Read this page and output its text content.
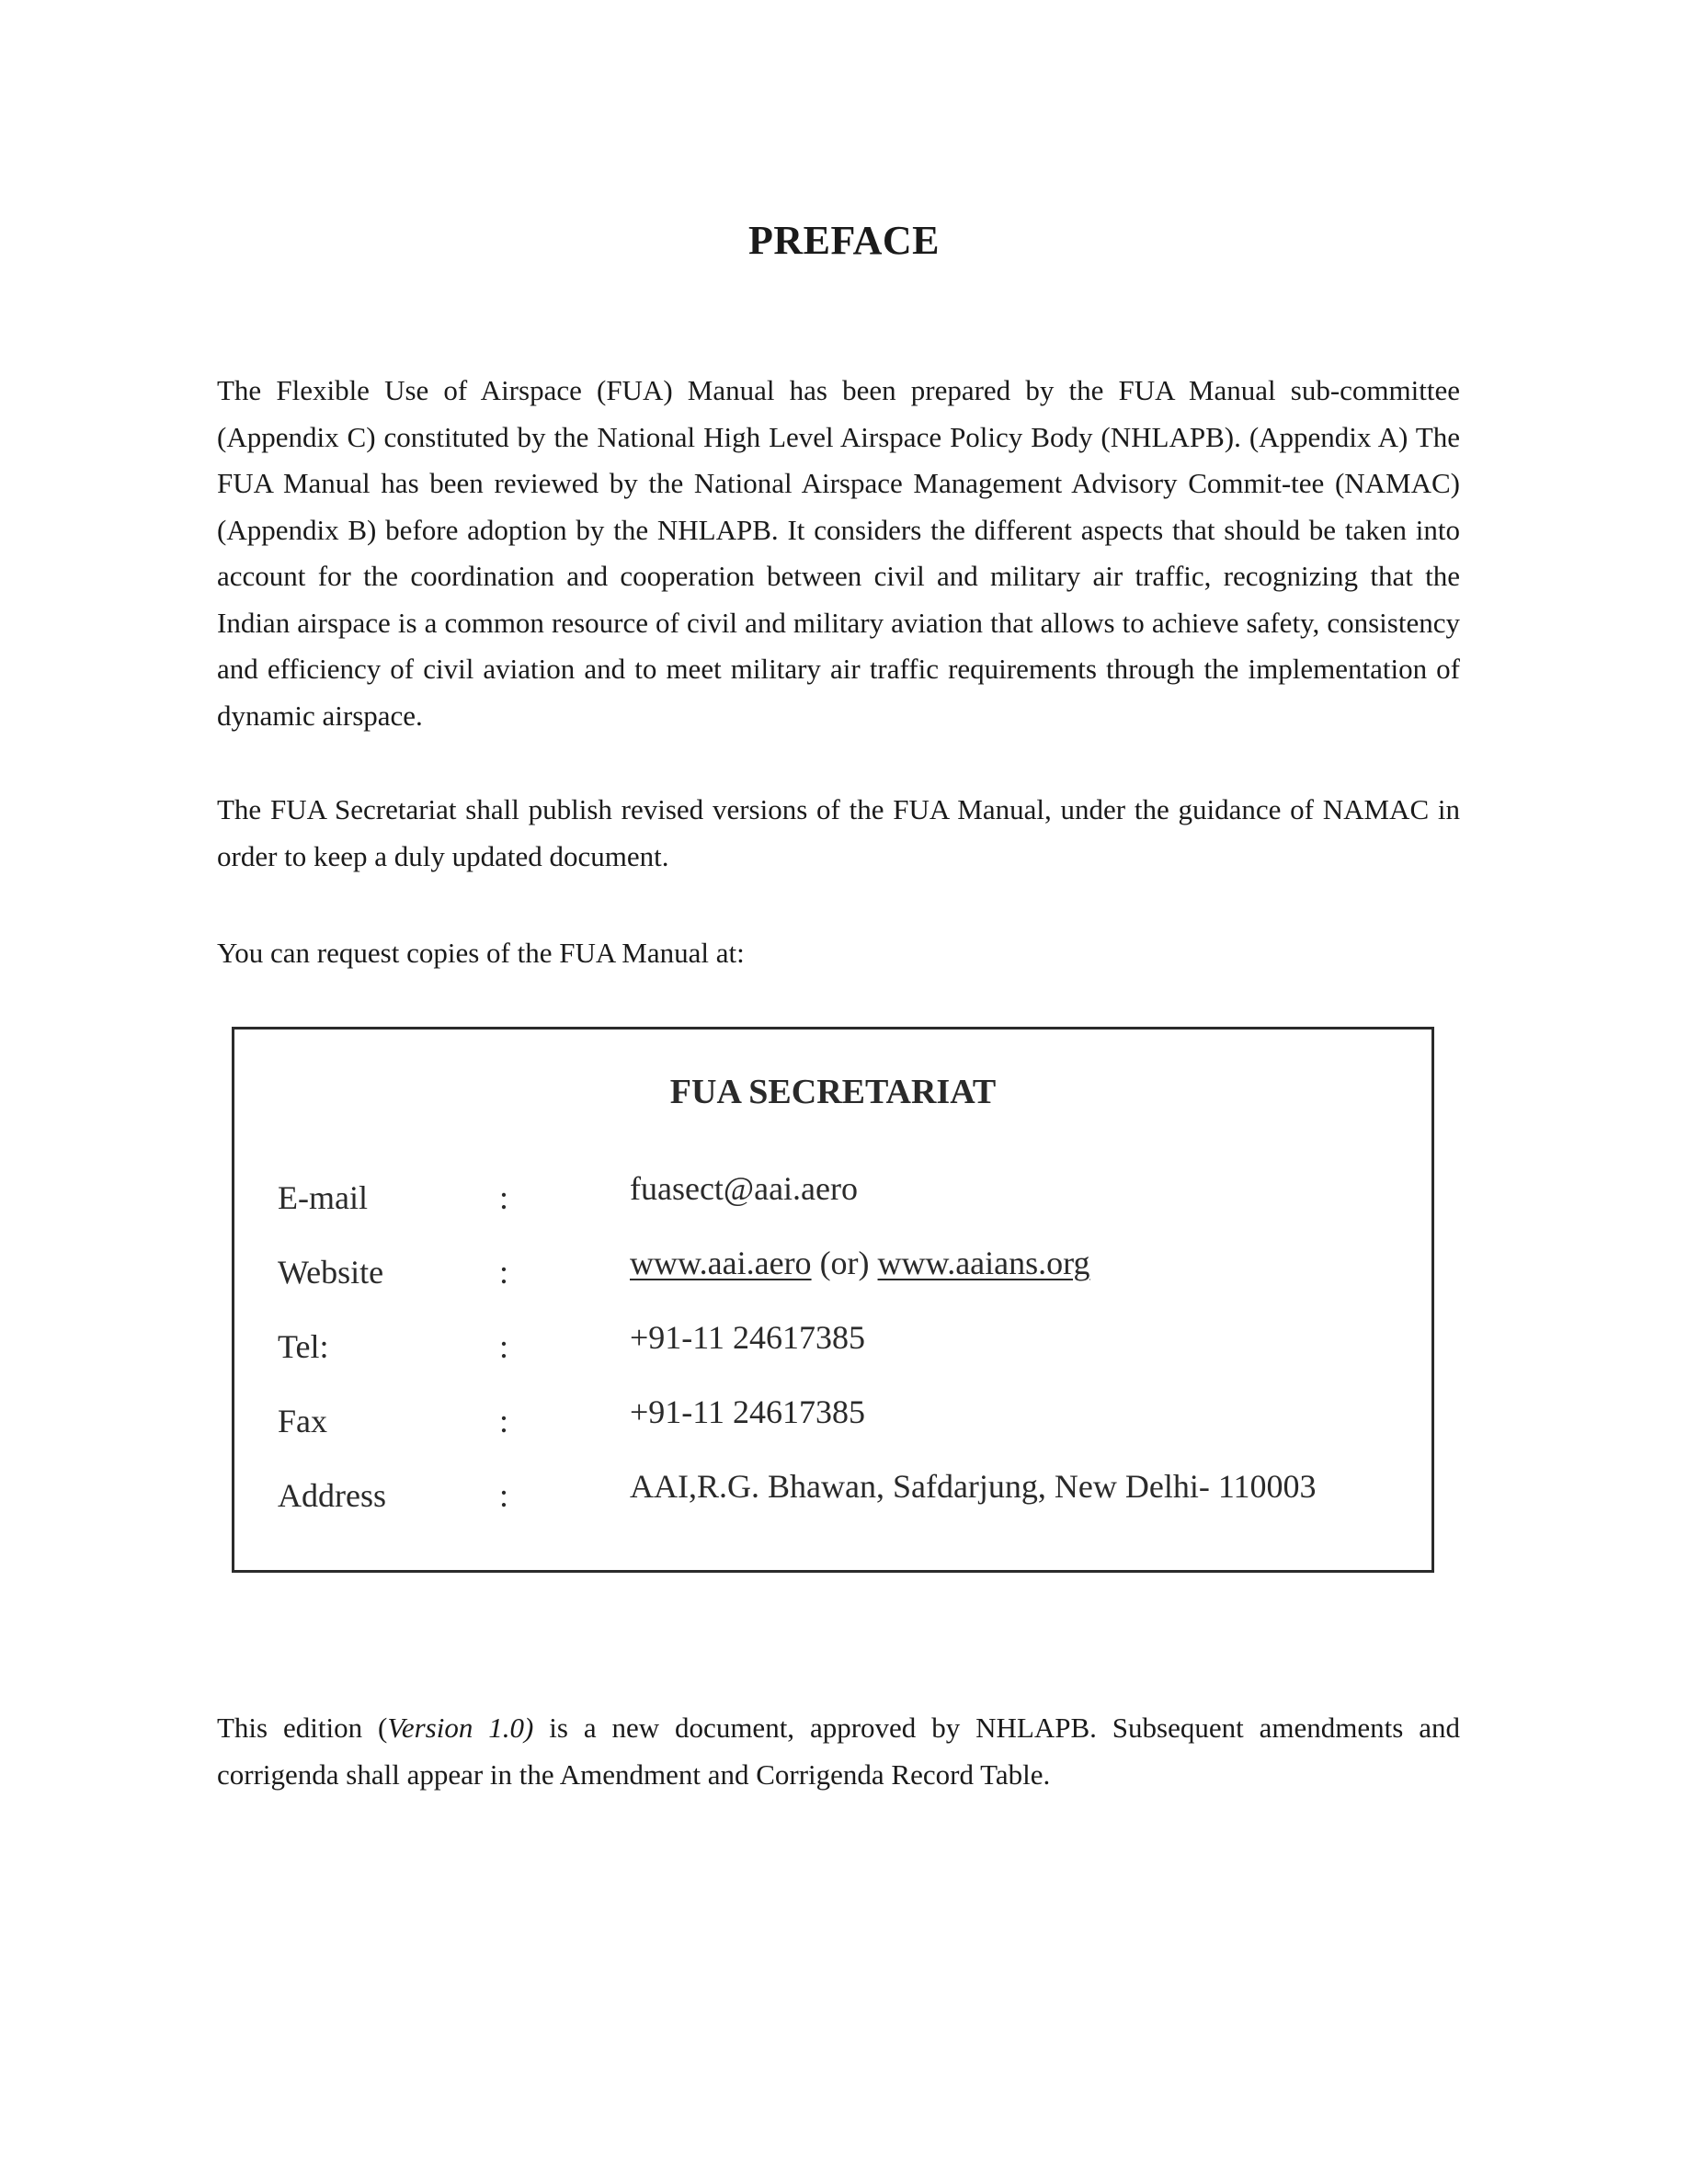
PREFACE

The Flexible Use of Airspace (FUA) Manual has been prepared by the FUA Manual sub-committee (Appendix C) constituted by the National High Level Airspace Policy Body (NHLAPB). (Appendix A) The FUA Manual has been reviewed by the National Airspace Management Advisory Commit-tee (NAMAC) (Appendix B) before adoption by the NHLAPB. It considers the different aspects that should be taken into account for the coordination and cooperation between civil and military air traffic, recognizing that the Indian airspace is a common resource of civil and military aviation that allows to achieve safety, consistency and efficiency of civil aviation and to meet military air traffic requirements through the implementation of dynamic airspace.

The FUA Secretariat shall publish revised versions of the FUA Manual, under the guidance of NAMAC in order to keep a duly updated document.

You can request copies of the FUA Manual at:

FUA SECRETARIAT
E-mail	:	fuasect@aai.aero
Website	:	www.aai.aero (or) www.aaians.org
Tel:	:	+91-11 24617385
Fax	:	+91-11 24617385
Address	:	AAI,R.G. Bhawan, Safdarjung, New Delhi- 110003

This edition (Version 1.0) is a new document, approved by NHLAPB. Subsequent amendments and corrigenda shall appear in the Amendment and Corrigenda Record Table.
